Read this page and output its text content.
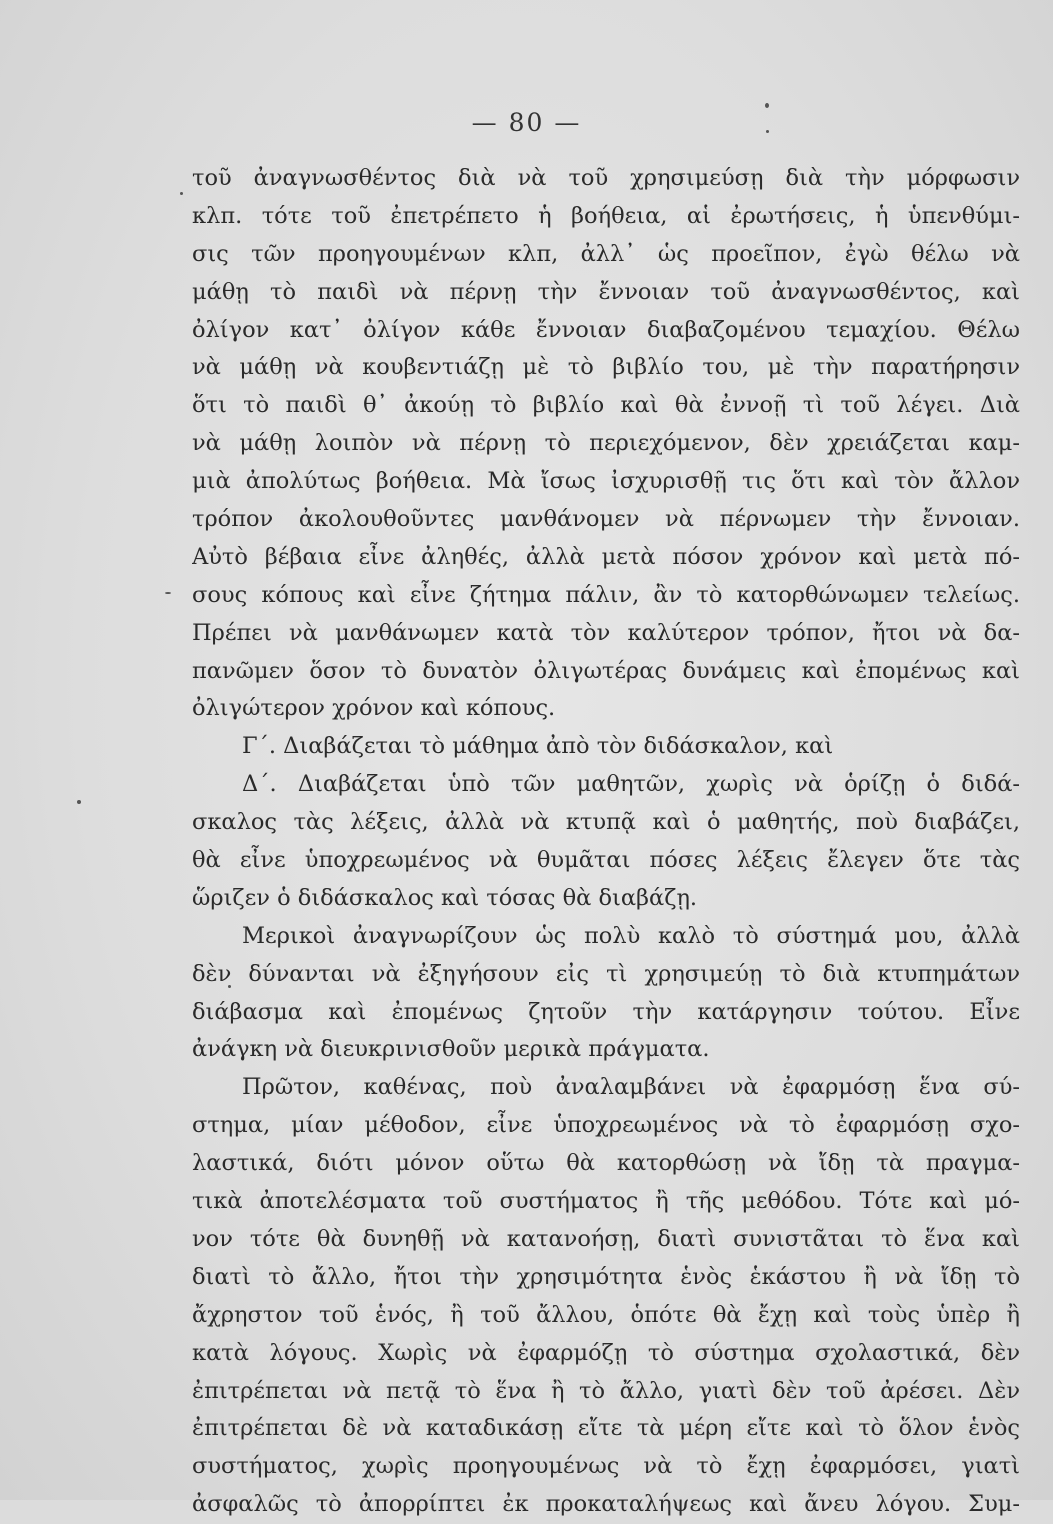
— 80 —
τοῦ ἀναγνωσθέντος διὰ νὰ τοῦ χρησιμεύσῃ διὰ τὴν μόρφωσιν
κλπ. τότε τοῦ ἐπετρέπετο ἡ βοήθεια, αἱ ἐρωτήσεις, ἡ ὑπενθύμι-
σις τῶν προηγουμένων κλπ, ἀλλ᾽ ὡς προεῖπον, ἐγὼ θέλω νὰ
μάθῃ τὸ παιδὶ νὰ πέρνῃ τὴν ἔννοιαν τοῦ ἀναγνωσθέντος, καὶ
ὀλίγον κατ᾽ ὀλίγον κάθε ἔννοιαν διαβαζομένου τεμαχίου. Θέλω
νὰ μάθῃ νὰ κουβεντιάζῃ μὲ τὸ βιβλίο του, μὲ τὴν παρατήρησιν
ὅτι τὸ παιδὶ θ᾽ ἀκούῃ τὸ βιβλίο καὶ θὰ ἐννοῇ τὶ τοῦ λέγει. Διὰ
νὰ μάθῃ λοιπὸν νὰ πέρνῃ τὸ περιεχόμενον, δὲν χρειάζεται καμ-
μιὰ ἀπολύτως βοήθεια. Μὰ ἴσως ἰσχυρισθῇ τις ὅτι καὶ τὸν ἄλλον
τρόπον ἀκολουθοῦντες μανθάνομεν νὰ πέρνωμεν τὴν ἔννοιαν.
Αὐτὸ βέβαια εἶνε ἀληθές, ἀλλὰ μετὰ πόσον χρόνον καὶ μετὰ πό-
σους κόπους καὶ εἶνε ζήτημα πάλιν, ἂν τὸ κατορθώνωμεν τελείως.
Πρέπει νὰ μανθάνωμεν κατὰ τὸν καλύτερον τρόπον, ἤτοι νὰ δα-
πανῶμεν ὅσον τὸ δυνατὸν ὀλιγωτέρας δυνάμεις καὶ ἐπομένως καὶ
ὀλιγώτερον χρόνον καὶ κόπους.
Γ΄. Διαβάζεται τὸ μάθημα ἀπὸ τὸν διδάσκαλον, καὶ
Δ΄. Διαβάζεται ὑπὸ τῶν μαθητῶν, χωρὶς νὰ ὁρίζῃ ὁ διδά-
σκαλος τὰς λέξεις, ἀλλὰ νὰ κτυπᾷ καὶ ὁ μαθητής, ποὺ διαβάζει,
θὰ εἶνε ὑποχρεωμένος νὰ θυμᾶται πόσες λέξεις ἔλεγεν ὅτε τὰς
ὥριζεν ὁ διδάσκαλος καὶ τόσας θὰ διαβάζῃ.
Μερικοὶ ἀναγνωρίζουν ὡς πολὺ καλὸ τὸ σύστημά μου, ἀλλὰ
δὲν δύνανται νὰ ἐξηγήσουν εἰς τὶ χρησιμεύῃ τὸ διὰ κτυπημάτων
διάβασμα καὶ ἐπομένως ζητοῦν τὴν κατάργησιν τούτου. Εἶνε
ἀνάγκη νὰ διευκρινισθοῦν μερικὰ πράγματα.
Πρῶτον, καθένας, ποὺ ἀναλαμβάνει νὰ ἐφαρμόσῃ ἕνα σύ-
στημα, μίαν μέθοδον, εἶνε ὑποχρεωμένος νὰ τὸ ἐφαρμόσῃ σχο-
λαστικά, διότι μόνον οὕτω θὰ κατορθώσῃ νὰ ἴδῃ τὰ πραγμα-
τικὰ ἀποτελέσματα τοῦ συστήματος ἢ τῆς μεθόδου. Τότε καὶ μό-
νον τότε θὰ δυνηθῇ νὰ κατανοήσῃ, διατὶ συνιστᾶται τὸ ἕνα καὶ
διατὶ τὸ ἄλλο, ἤτοι τὴν χρησιμότητα ἑνὸς ἑκάστου ἢ νὰ ἴδῃ τὸ
ἄχρηστον τοῦ ἑνός, ἢ τοῦ ἄλλου, ὁπότε θὰ ἔχῃ καὶ τοὺς ὑπὲρ ἢ
κατὰ λόγους. Χωρὶς νὰ ἐφαρμόζῃ τὸ σύστημα σχολαστικά, δὲν
ἐπιτρέπεται νὰ πετᾷ τὸ ἕνα ἢ τὸ ἄλλο, γιατὶ δὲν τοῦ ἀρέσει. Δὲν
ἐπιτρέπεται δὲ νὰ καταδικάσῃ εἴτε τὰ μέρη εἴτε καὶ τὸ ὅλον ἑνὸς
συστήματος, χωρὶς προηγουμένως νὰ τὸ ἔχῃ ἐφαρμόσει, γιατὶ
ἀσφαλῶς τὸ ἀπορρίπτει ἐκ προκαταλήψεως καὶ ἄνευ λόγου. Συμ-
